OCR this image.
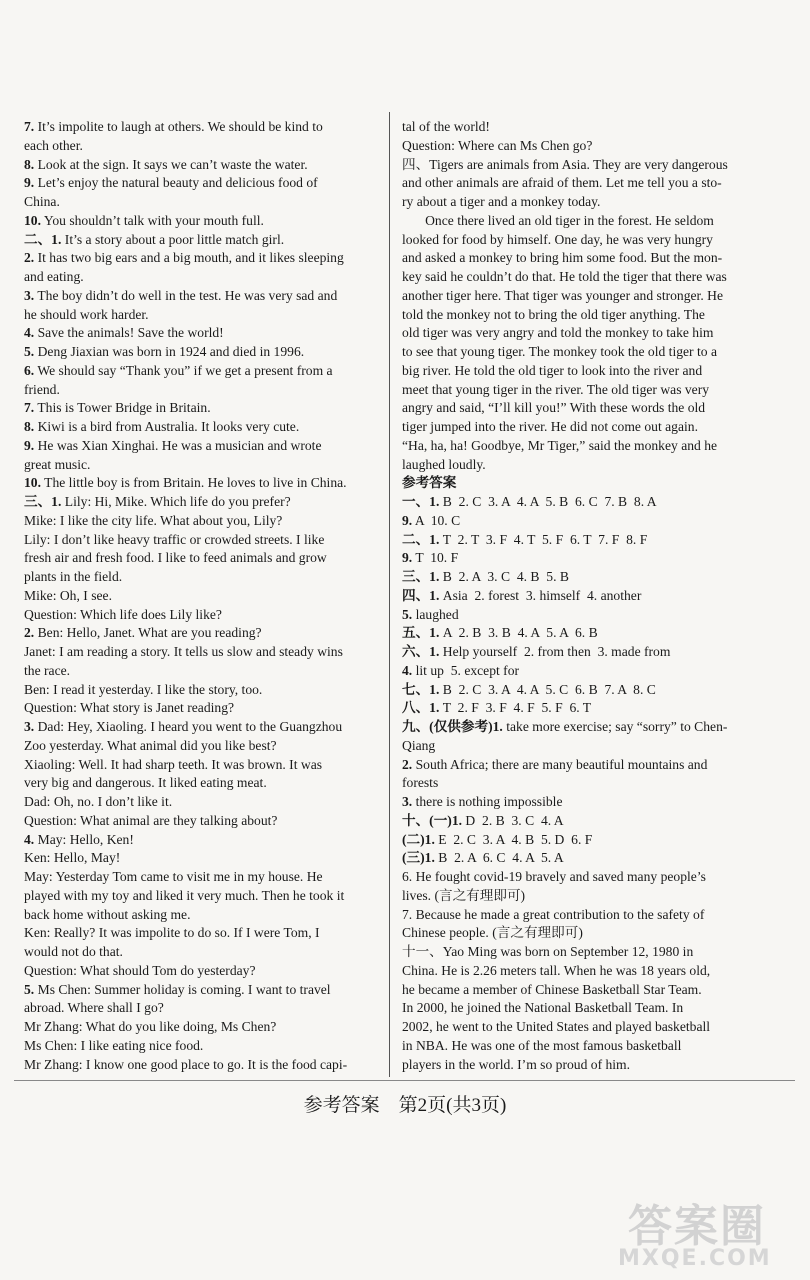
7. It’s impolite to laugh at others. We should be kind to
each other.
8. Look at the sign. It says we can’t waste the water.
9. Let’s enjoy the natural beauty and delicious food of
China.
10. You shouldn’t talk with your mouth full.
二、1. It’s a story about a poor little match girl.
2. It has two big ears and a big mouth, and it likes sleeping
and eating.
3. The boy didn’t do well in the test. He was very sad and
he should work harder.
4. Save the animals! Save the world!
5. Deng Jiaxian was born in 1924 and died in 1996.
6. We should say “Thank you” if we get a present from a
friend.
7. This is Tower Bridge in Britain.
8. Kiwi is a bird from Australia. It looks very cute.
9. He was Xian Xinghai. He was a musician and wrote
great music.
10. The little boy is from Britain. He loves to live in China.
三、1. Lily: Hi, Mike. Which life do you prefer?
Mike: I like the city life. What about you, Lily?
Lily: I don’t like heavy traffic or crowded streets. I like
fresh air and fresh food. I like to feed animals and grow
plants in the field.
Mike: Oh, I see.
Question: Which life does Lily like?
2. Ben: Hello, Janet. What are you reading?
Janet: I am reading a story. It tells us slow and steady wins
the race.
Ben: I read it yesterday. I like the story, too.
Question: What story is Janet reading?
3. Dad: Hey, Xiaoling. I heard you went to the Guangzhou
Zoo yesterday. What animal did you like best?
Xiaoling: Well. It had sharp teeth. It was brown. It was
very big and dangerous. It liked eating meat.
Dad: Oh, no. I don’t like it.
Question: What animal are they talking about?
4. May: Hello, Ken!
Ken: Hello, May!
May: Yesterday Tom came to visit me in my house. He
played with my toy and liked it very much. Then he took it
back home without asking me.
Ken: Really? It was impolite to do so. If I were Tom, I
would not do that.
Question: What should Tom do yesterday?
5. Ms Chen: Summer holiday is coming. I want to travel
abroad. Where shall I go?
Mr Zhang: What do you like doing, Ms Chen?
Ms Chen: I like eating nice food.
Mr Zhang: I know one good place to go. It is the food capi-
tal of the world!
Question: Where can Ms Chen go?
四、Tigers are animals from Asia. They are very dangerous
and other animals are afraid of them. Let me tell you a sto-
ry about a tiger and a monkey today.
Once there lived an old tiger in the forest. He seldom
looked for food by himself. One day, he was very hungry
and asked a monkey to bring him some food. But the mon-
key said he couldn’t do that. He told the tiger that there was
another tiger here. That tiger was younger and stronger. He
told the monkey not to bring the old tiger anything. The
old tiger was very angry and told the monkey to take him
to see that young tiger. The monkey took the old tiger to a
big river. He told the old tiger to look into the river and
meet that young tiger in the river. The old tiger was very
angry and said, “I’ll kill you!” With these words the old
tiger jumped into the river. He did not come out again.
“Ha, ha, ha! Goodbye, Mr Tiger,” said the monkey and he
laughed loudly.
参考答案
一、1. B  2. C  3. A  4. A  5. B  6. C  7. B  8. A
9. A  10. C
二、1. T  2. T  3. F  4. T  5. F  6. T  7. F  8. F
9. T  10. F
三、1. B  2. A  3. C  4. B  5. B
四、1. Asia  2. forest  3. himself  4. another
5. laughed
五、1. A  2. B  3. B  4. A  5. A  6. B
六、1. Help yourself  2. from then  3. made from
4. lit up  5. except for
七、1. B  2. C  3. A  4. A  5. C  6. B  7. A  8. C
八、1. T  2. F  3. F  4. F  5. F  6. T
九、(仅供参考)1. take more exercise; say “sorry” to Chen-
Qiang
2. South Africa; there are many beautiful mountains and
forests
3. there is nothing impossible
十、(一)1. D  2. B  3. C  4. A
(二)1. E  2. C  3. A  4. B  5. D  6. F
(三)1. B  2. A  6. C  4. A  5. A
6. He fought covid-19 bravely and saved many people’s
lives. (言之有理即可)
7. Because he made a great contribution to the safety of
Chinese people. (言之有理即可)
十一、Yao Ming was born on September 12, 1980 in
China. He is 2.26 meters tall. When he was 18 years old,
he became a member of Chinese Basketball Star Team.
In 2000, he joined the National Basketball Team. In
2002, he went to the United States and played basketball
in NBA. He was one of the most famous basketball
players in the world. I’m so proud of him.
参考答案　第2页(共3页)
答案圈
MXQE.COM
